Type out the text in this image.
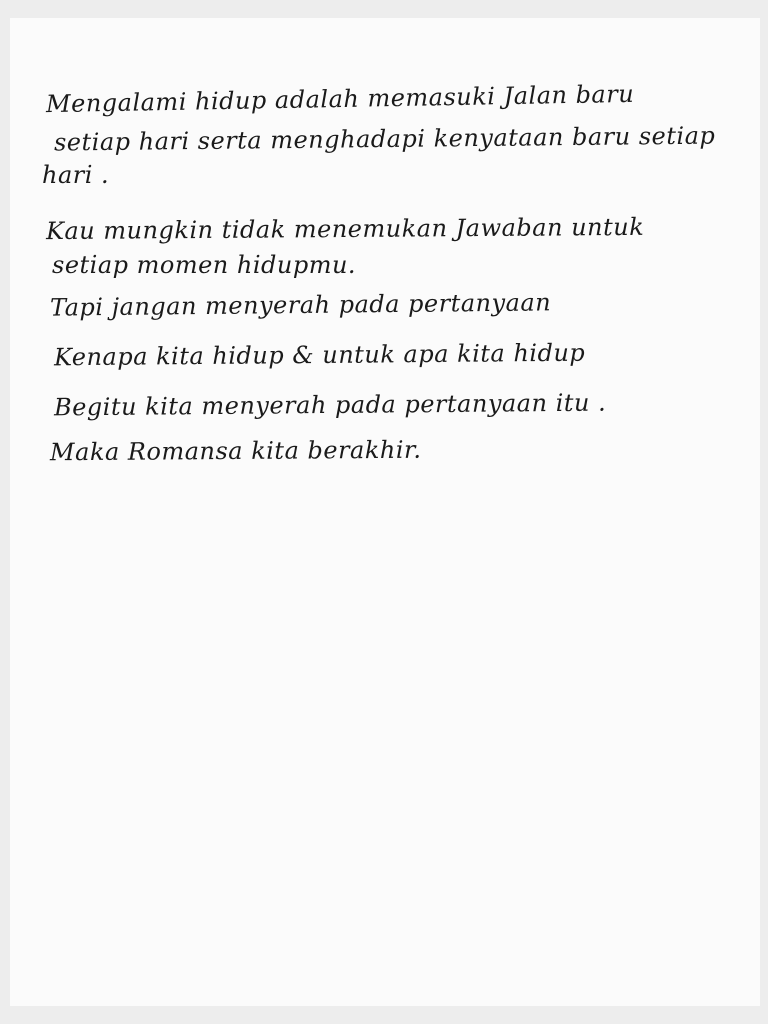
Mengalami hidup adalah memasuki Jalan baru

setiap hari serta menghadapi kenyataan baru setiap

hari .

Kau mungkin tidak menemukan Jawaban untuk

setiap momen hidupmu.

Tapi jangan menyerah pada pertanyaan

Kenapa kita hidup & untuk apa kita hidup

Begitu kita menyerah pada pertanyaan itu .

Maka Romansa kita berakhir.
